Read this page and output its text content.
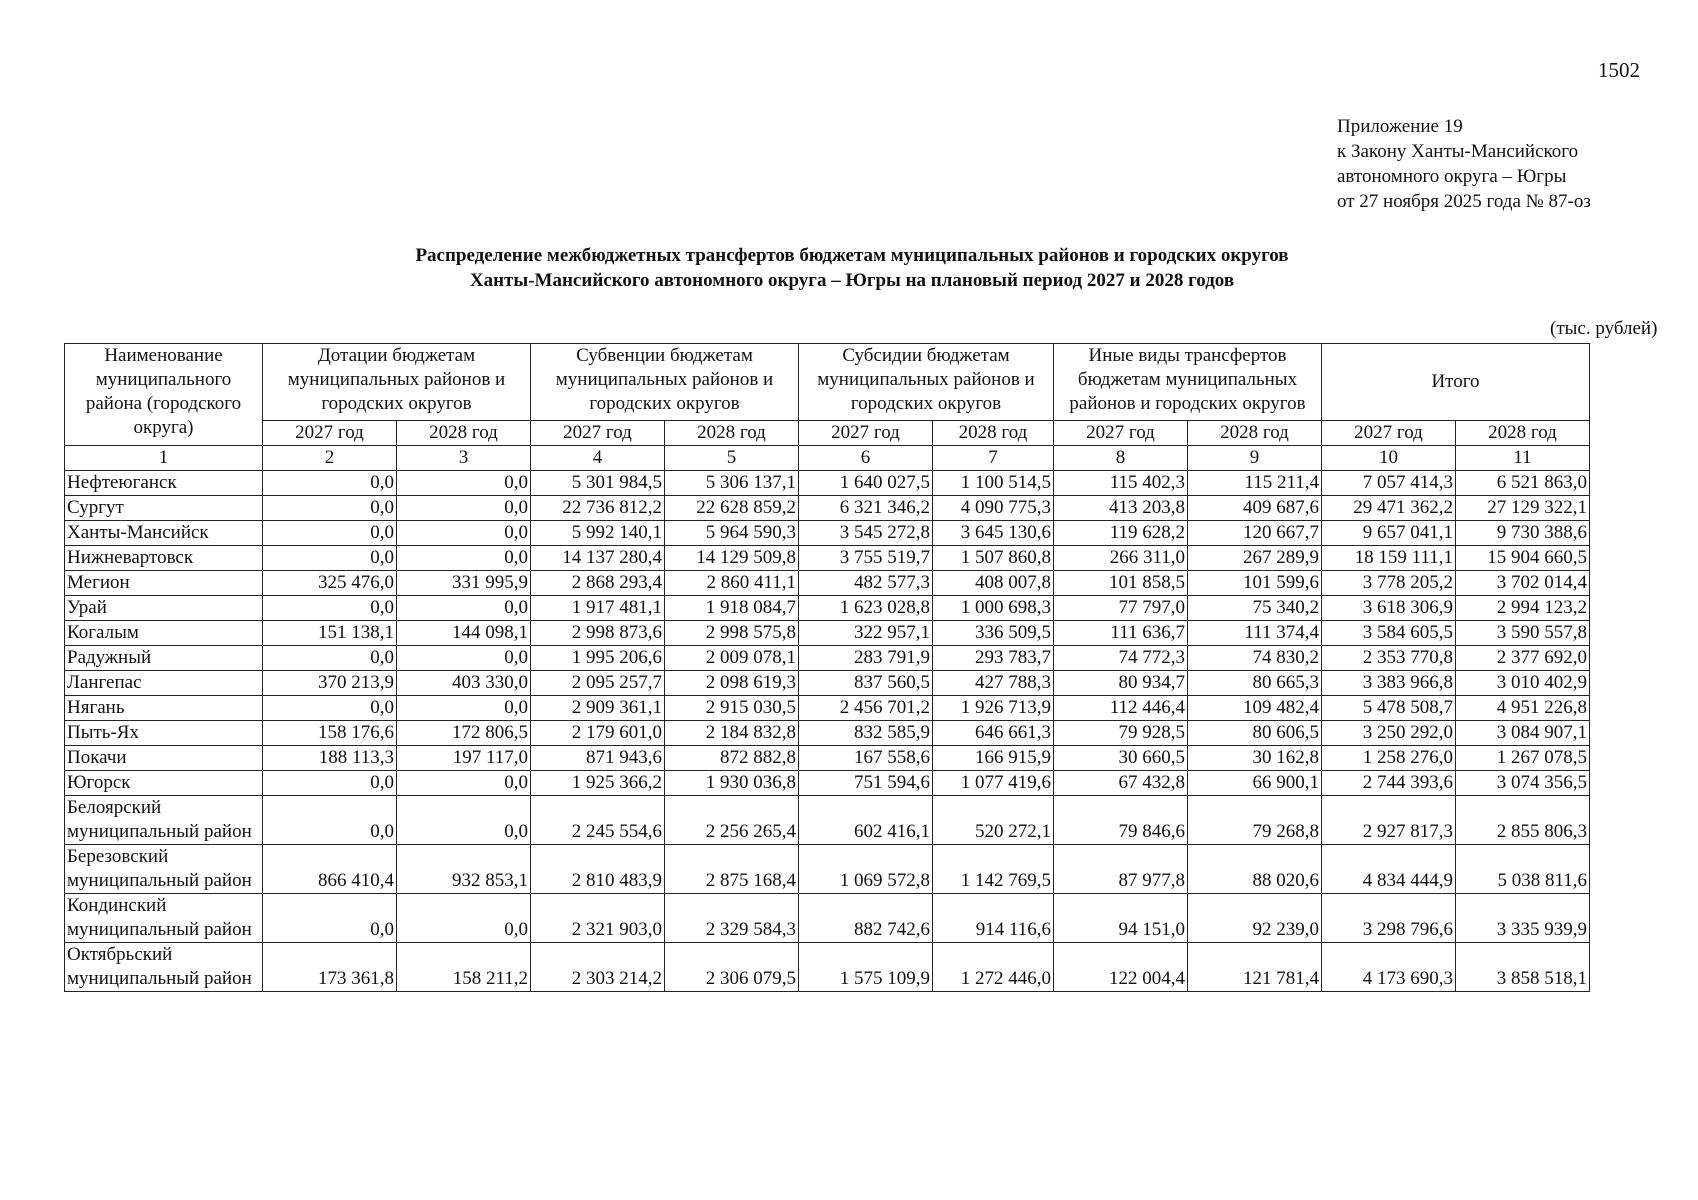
1502
Приложение 19
к Закону Ханты-Мансийского
автономного округа – Югры
от 27 ноября 2025 года № 87-оз
Распределение межбюджетных трансфертов бюджетам муниципальных районов и городских округов
Ханты-Мансийского автономного округа – Югры на плановый период 2027 и 2028 годов
(тыс. рублей)
Наименование муниципального района (городского округа)	Дотации бюджетам муниципальных районов и городских округов		Субвенции бюджетам муниципальных районов и городских округов		Субсидии бюджетам муниципальных районов и городских округов		Иные виды трансфертов бюджетам муниципальных районов и городских округов		Итого	
	2027 год	2028 год	2027 год	2028 год	2027 год	2028 год	2027 год	2028 год	2027 год	2028 год
1	2	3	4	5	6	7	8	9	10	11
Нефтеюганск	0,0	0,0	5 301 984,5	5 306 137,1	1 640 027,5	1 100 514,5	115 402,3	115 211,4	7 057 414,3	6 521 863,0
Сургут	0,0	0,0	22 736 812,2	22 628 859,2	6 321 346,2	4 090 775,3	413 203,8	409 687,6	29 471 362,2	27 129 322,1
Ханты-Мансийск	0,0	0,0	5 992 140,1	5 964 590,3	3 545 272,8	3 645 130,6	119 628,2	120 667,7	9 657 041,1	9 730 388,6
Нижневартовск	0,0	0,0	14 137 280,4	14 129 509,8	3 755 519,7	1 507 860,8	266 311,0	267 289,9	18 159 111,1	15 904 660,5
Мегион	325 476,0	331 995,9	2 868 293,4	2 860 411,1	482 577,3	408 007,8	101 858,5	101 599,6	3 778 205,2	3 702 014,4
Урай	0,0	0,0	1 917 481,1	1 918 084,7	1 623 028,8	1 000 698,3	77 797,0	75 340,2	3 618 306,9	2 994 123,2
Когалым	151 138,1	144 098,1	2 998 873,6	2 998 575,8	322 957,1	336 509,5	111 636,7	111 374,4	3 584 605,5	3 590 557,8
Радужный	0,0	0,0	1 995 206,6	2 009 078,1	283 791,9	293 783,7	74 772,3	74 830,2	2 353 770,8	2 377 692,0
Лангепас	370 213,9	403 330,0	2 095 257,7	2 098 619,3	837 560,5	427 788,3	80 934,7	80 665,3	3 383 966,8	3 010 402,9
Нягань	0,0	0,0	2 909 361,1	2 915 030,5	2 456 701,2	1 926 713,9	112 446,4	109 482,4	5 478 508,7	4 951 226,8
Пыть-Ях	158 176,6	172 806,5	2 179 601,0	2 184 832,8	832 585,9	646 661,3	79 928,5	80 606,5	3 250 292,0	3 084 907,1
Покачи	188 113,3	197 117,0	871 943,6	872 882,8	167 558,6	166 915,9	30 660,5	30 162,8	1 258 276,0	1 267 078,5
Югорск	0,0	0,0	1 925 366,2	1 930 036,8	751 594,6	1 077 419,6	67 432,8	66 900,1	2 744 393,6	3 074 356,5
Белоярский муниципальный район	0,0	0,0	2 245 554,6	2 256 265,4	602 416,1	520 272,1	79 846,6	79 268,8	2 927 817,3	2 855 806,3
Березовский муниципальный район	866 410,4	932 853,1	2 810 483,9	2 875 168,4	1 069 572,8	1 142 769,5	87 977,8	88 020,6	4 834 444,9	5 038 811,6
Кондинский муниципальный район	0,0	0,0	2 321 903,0	2 329 584,3	882 742,6	914 116,6	94 151,0	92 239,0	3 298 796,6	3 335 939,9
Октябрьский муниципальный район	173 361,8	158 211,2	2 303 214,2	2 306 079,5	1 575 109,9	1 272 446,0	122 004,4	121 781,4	4 173 690,3	3 858 518,1
